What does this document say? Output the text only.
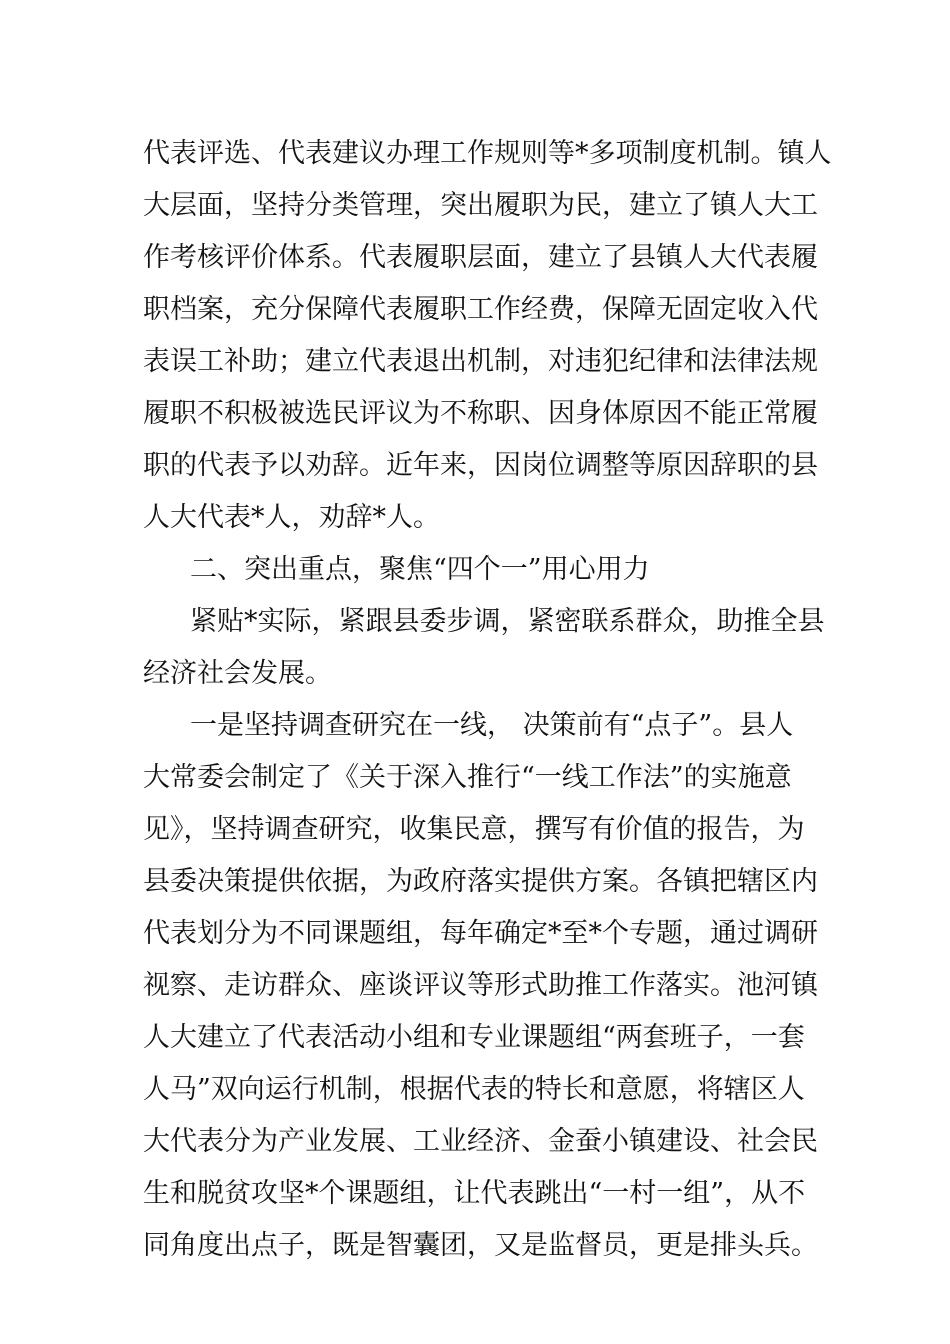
代表评选、代表建议办理工作规则等*多项制度机制。镇人
大层面，坚持分类管理，突出履职为民，建立了镇人大工
作考核评价体系。代表履职层面，建立了县镇人大代表履
职档案，充分保障代表履职工作经费，保障无固定收入代
表误工补助；建立代表退出机制，对违犯纪律和法律法规
履职不积极被选民评议为不称职、因身体原因不能正常履
职的代表予以劝辞。近年来，因岗位调整等原因辞职的县
人大代表*人，劝辞*人。
二、突出重点，聚焦“四个一”用心用力
紧贴*实际，紧跟县委步调，紧密联系群众，助推全县
经济社会发展。
一是坚持调查研究在一线， 决策前有“点子”。县人
大常委会制定了《关于深入推行“一线工作法”的实施意
见》，坚持调查研究，收集民意，撰写有价值的报告，为
县委决策提供依据，为政府落实提供方案。各镇把辖区内
代表划分为不同课题组，每年确定*至*个专题，通过调研
视察、走访群众、座谈评议等形式助推工作落实。池河镇
人大建立了代表活动小组和专业课题组“两套班子，一套
人马”双向运行机制，根据代表的特长和意愿，将辖区人
大代表分为产业发展、工业经济、金蚕小镇建设、社会民
生和脱贫攻坚*个课题组，让代表跳出“一村一组”，从不
同角度出点子，既是智囊团，又是监督员，更是排头兵。
